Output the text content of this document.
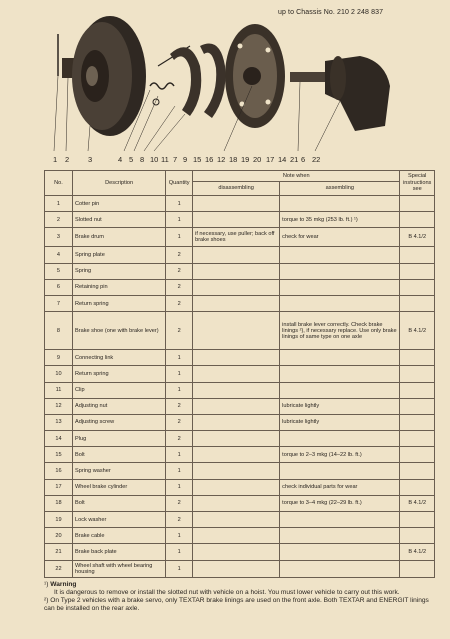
up to Chassis No. 210 2 248 837
1 2	3	4 5 8 10 11 7 9 15 16 12 18 19 20 17 14 21 6 22
No.	Description	Quantity	Note when		Special instructions see
			disassembling	assembling	
1	Cotter pin	1			
2	Slotted nut	1		torque to 35 mkg (253 lb. ft.) ¹)	
3	Brake drum	1	if necessary, use puller; back off brake shoes	check for wear	B 4.1/2
4	Spring plate	2			
5	Spring	2			
6	Retaining pin	2			
7	Return spring	2			
8	Brake shoe (one with brake lever)	2		install brake lever correctly. Check brake linings ²), if necessary replace. Use only brake linings of same type on one axle	B 4.1/2
9	Connecting link	1			
10	Return spring	1			
11	Clip	1			
12	Adjusting nut	2		lubricate lightly	
13	Adjusting screw	2		lubricate lightly	
14	Plug	2			
15	Bolt	1		torque to 2–3 mkg (14–22 lb. ft.)	
16	Spring washer	1			
17	Wheel brake cylinder	1		check individual parts for wear	
18	Bolt	2		torque to 3–4 mkg (22–29 lb. ft.)	B 4.1/2
19	Lock washer	2			
20	Brake cable	1			
21	Brake back plate	1			B 4.1/2
22	Wheel shaft with wheel bearing housing	1			

¹) Warning

It is dangerous to remove or install the slotted nut with vehicle on a hoist. You must lower vehicle to carry out this work.

²) On Type 2 vehicles with a brake servo, only TEXTAR brake linings are used on the front axle. Both TEXTAR and ENERGIT linings can be installed on the rear axle.
